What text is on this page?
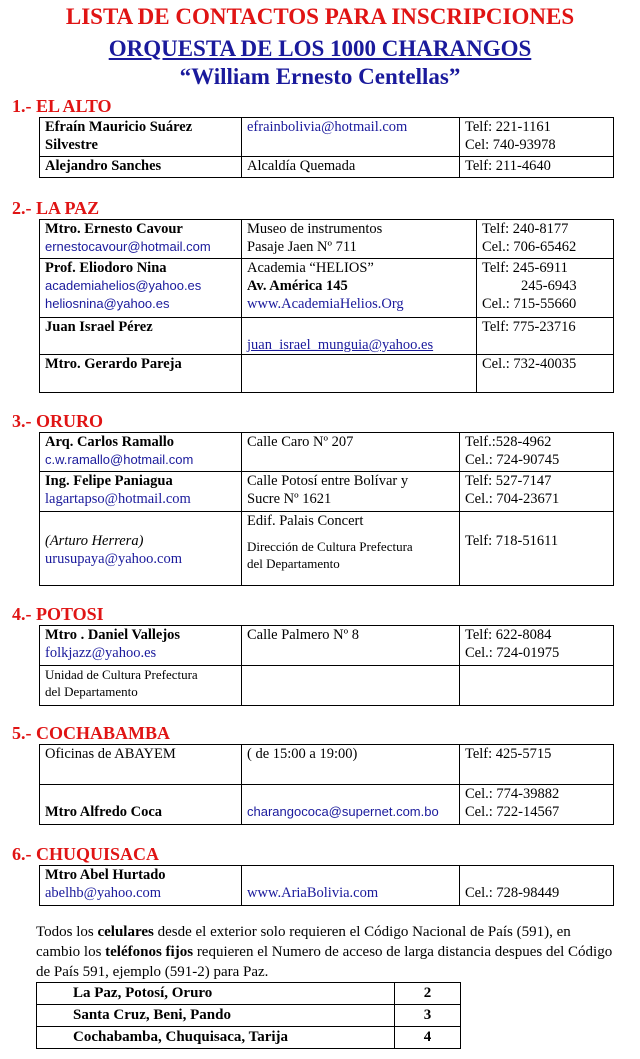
LISTA DE CONTACTOS PARA INSCRIPCIONES
ORQUESTA DE LOS 1000 CHARANGOS
“William Ernesto Centellas”
1.- EL ALTO
Efraín Mauricio Suárez
Silvestre	efrainbolivia@hotmail.com	Telf: 221-1161
Cel: 740-93978

Alejandro Sanches	Alcaldía Quemada	Telf: 211-4640
2.- LA PAZ
Mtro. Ernesto Cavour
ernestocavour@hotmail.com	Museo de instrumentos
Pasaje Jaen Nº 711	Telf: 240-8177
Cel.: 706-65462

Prof. Eliodoro Nina
academiahelios@yahoo.es
heliosnina@yahoo.es	Academia “HELIOS”
Av. América 145
www.AcademiaHelios.Org	Telf: 245-6911
245-6943
Cel.: 715-55660

Juan Israel Pérez	juan_israel_munguia@yahoo.es	Telf: 775-23716

Mtro. Gerardo Pareja		Cel.: 732-40035
3.- ORURO
Arq. Carlos Ramallo
c.w.ramallo@hotmail.com	Calle Caro Nº 207	Telf.:528-4962
Cel.: 724-90745

Ing. Felipe Paniagua
lagartapso@hotmail.com	Calle Potosí entre Bolívar y
Sucre Nº 1621	Telf: 527-7147
Cel.: 704-23671

(Arturo Herrera)
urusupaya@yahoo.com	Edif. Palais Concert
Dirección de Cultura Prefectura
del Departamento	Telf: 718-51611
4.- POTOSI
Mtro . Daniel Vallejos
folkjazz@yahoo.es	Calle Palmero Nº 8	Telf: 622-8084
Cel.: 724-01975

Unidad de Cultura Prefectura
del Departamento		

5.- COCHABAMBA
Oficinas de ABAYEM	( de 15:00 a 19:00)	Telf: 425-5715

Mtro Alfredo Coca	charangococa@supernet.com.bo	Cel.: 774-39882
Cel.: 722-14567
6.- CHUQUISACA
Mtro Abel Hurtado
abelhb@yahoo.com	www.AriaBolivia.com	Cel.: 728-98449
Todos los celulares desde el exterior solo requieren el Código Nacional de País (591), en cambio los teléfonos fijos requieren el Numero de acceso de larga distancia despues del Código de País 591, ejemplo (591-2) para Paz.
La Paz, Potosí, Oruro	2
Santa Cruz, Beni, Pando	3
Cochabamba, Chuquisaca, Tarija	4
